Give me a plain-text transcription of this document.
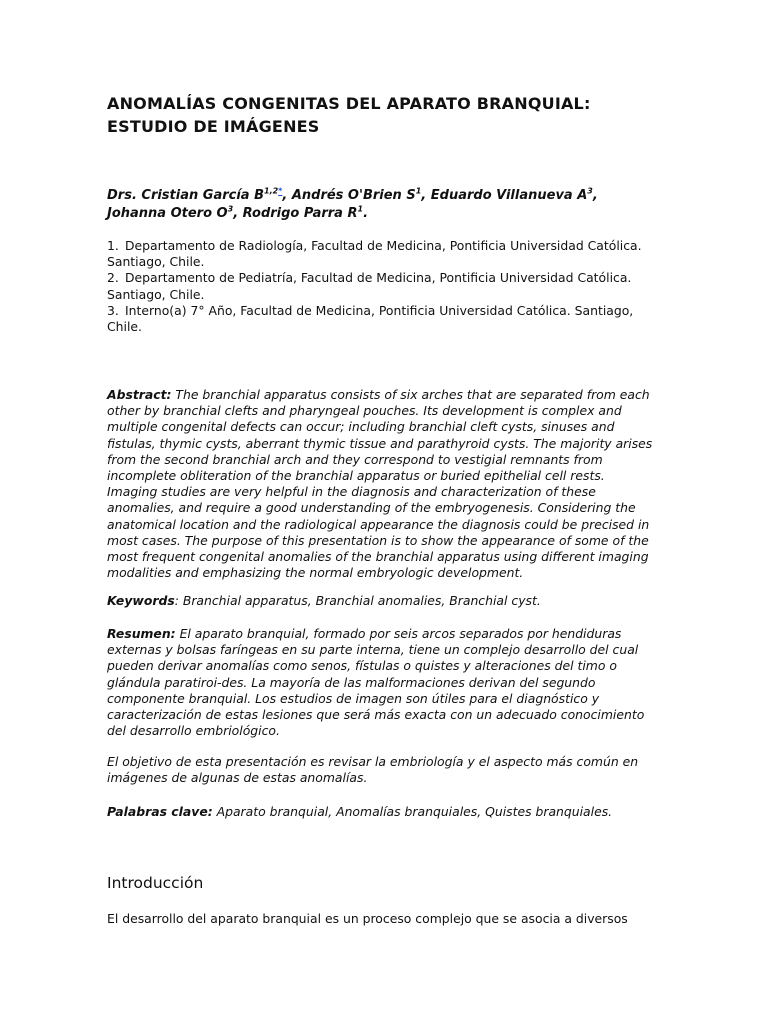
ANOMALÍAS CONGENITAS DEL APARATO BRANQUIAL:
ESTUDIO DE IMÁGENES

Drs. Cristian García $B^{1,2*}$, Andrés O'Brien $S^1$, Eduardo Villanueva $A^3$, Johanna Otero $O^3$, Rodrigo Parra $R^1$.

1. Departamento de Radiología, Facultad de Medicina, Pontificia Universidad Católica. Santiago, Chile.
2. Departamento de Pediatría, Facultad de Medicina, Pontificia Universidad Católica. Santiago, Chile.
3. Interno(a) 7° Año, Facultad de Medicina, Pontificia Universidad Católica. Santiago, Chile.

Abstract: The branchial apparatus consists of six arches that are separated from each other by branchial clefts and pharyngeal pouches. Its development is complex and multiple congenital defects can occur; including branchial cleft cysts, sinuses and fistulas, thymic cysts, aberrant thymic tissue and parathyroid cysts. The majority arises from the second branchial arch and they correspond to vestigial remnants from incomplete obliteration of the branchial apparatus or buried epithelial cell rests. Imaging studies are very helpful in the diagnosis and characterization of these anomalies, and require a good understanding of the embryogenesis. Considering the anatomical location and the radiological appearance the diagnosis could be precised in most cases. The purpose of this presentation is to show the appearance of some of the most frequent congenital anomalies of the branchial apparatus using different imaging modalities and emphasizing the normal embryologic development.

Keywords: Branchial apparatus, Branchial anomalies, Branchial cyst.

Resumen: El aparato branquial, formado por seis arcos separados por hendiduras externas y bolsas faríngeas en su parte interna, tiene un complejo desarrollo del cual pueden derivar anomalías como senos, fístulas o quistes y alteraciones del timo o glándula paratiroi-des. La mayoría de las malformaciones derivan del segundo componente branquial. Los estudios de imagen son útiles para el diagnóstico y caracterización de estas lesiones que será más exacta con un adecuado conocimiento del desarrollo embriológico.

El objetivo de esta presentación es revisar la embriología y el aspecto más común en imágenes de algunas de estas anomalías.

Palabras clave: Aparato branquial, Anomalías branquiales, Quistes branquiales.

Introducción

El desarrollo del aparato branquial es un proceso complejo que se asocia a diversos
